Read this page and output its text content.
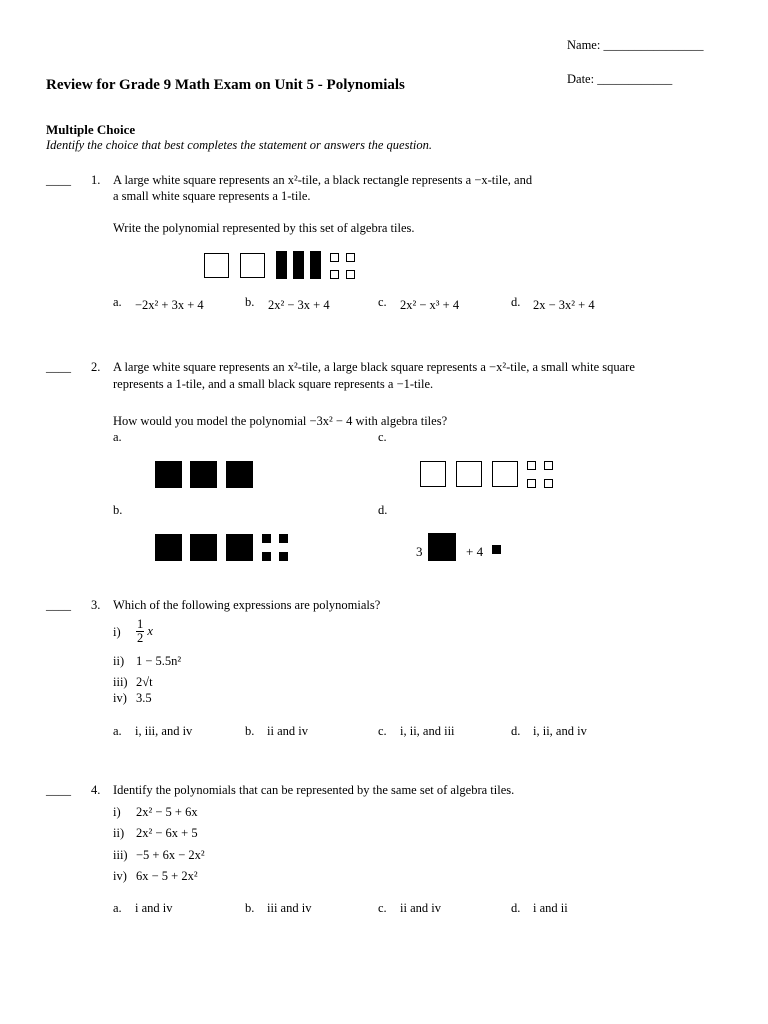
Name: ________________
Date: ____________
Review for Grade 9 Math Exam on Unit 5 - Polynomials
Multiple Choice
Identify the choice that best completes the statement or answers the question.
____ 1. A large white square represents an x²-tile, a black rectangle represents a −x-tile, and
a small white square represents a 1-tile.
Write the polynomial represented by this set of algebra tiles.
a. −2x² + 3x + 4	b. 2x² − 3x + 4	c. 2x² − x³ + 4	d. 2x − 3x² + 4
____ 2. A large white square represents an x²-tile, a large black square represents a −x²-tile, a small white square
represents a 1-tile, and a small black square represents a −1-tile.
How would you model the polynomial −3x² − 4 with algebra tiles?
a.	c.
b.	d.
3	+ 4
____ 3. Which of the following expressions are polynomials?
$i) \frac{1}{2}$ x
ii) 1 − 5.5n²
iii) 2√t
iv) 3.5
a. i, iii, and iv	b. ii and iv	c. i, ii, and iii	d. i, ii, and iv
____ 4. Identify the polynomials that can be represented by the same set of algebra tiles.
i) 2x² − 5 + 6x
ii) 2x² − 6x + 5
iii) −5 + 6x − 2x²
iv) 6x − 5 + 2x²
a. i and iv	b. iii and iv	c. ii and iv	d. i and ii
